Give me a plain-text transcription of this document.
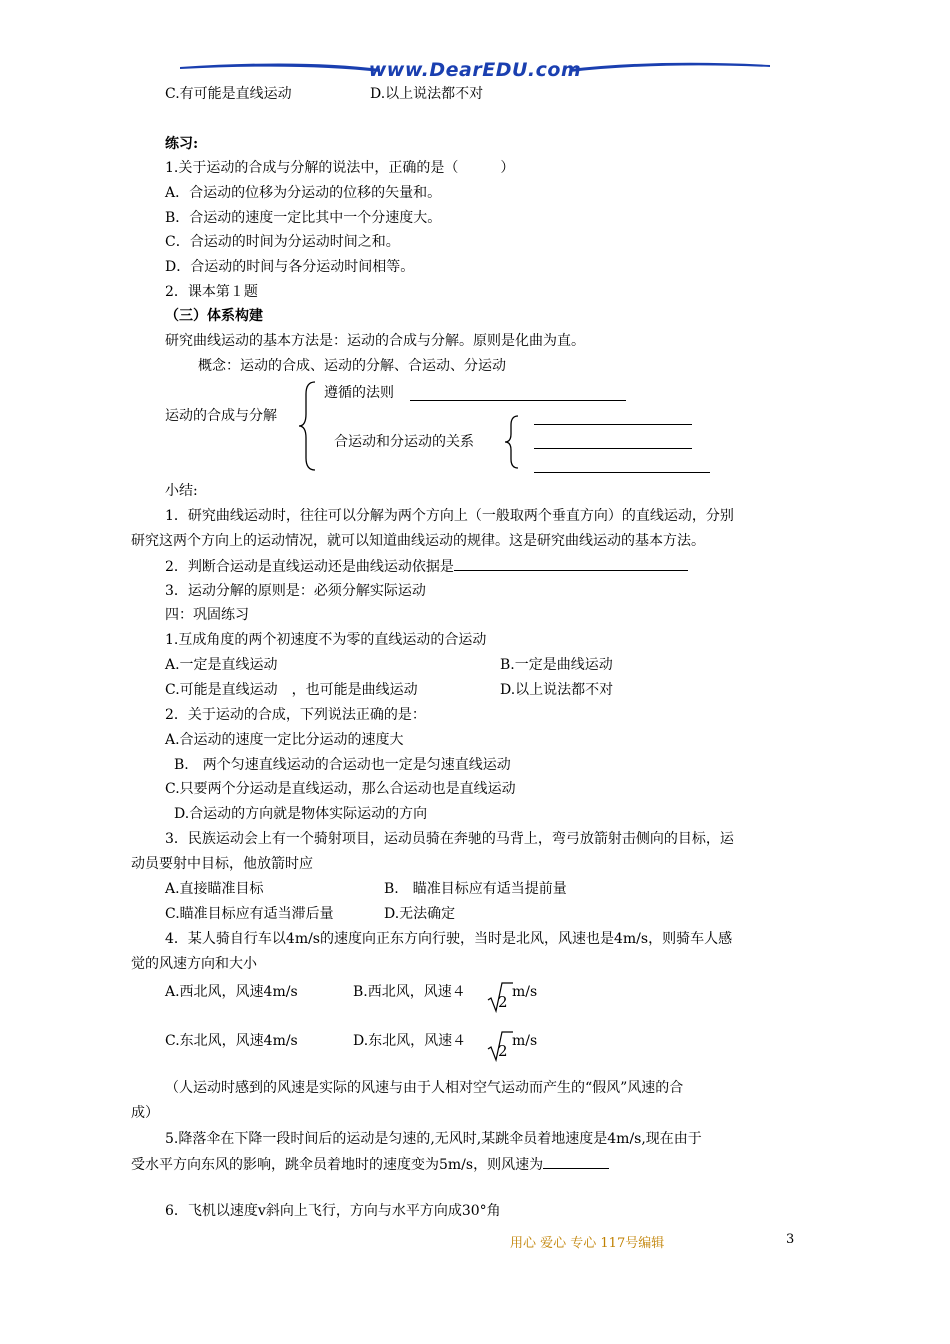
www.DearEDU.com
C.有可能是直线运动	D.以上说法都不对
练习:
1.关于运动的合成与分解的说法中，正确的是（　　　）
A．合运动的位移为分运动的位移的矢量和。
B．合运动的速度一定比其中一个分速度大。
C．合运动的时间为分运动时间之和。
D．合运动的时间与各分运动时间相等。
2．课本第１题
（三）体系构建
研究曲线运动的基本方法是：运动的合成与分解。原则是化曲为直。
概念：运动的合成、运动的分解、合运动、分运动
运动的合成与分解
遵循的法则
合运动和分运动的关系
小结:
1．研究曲线运动时，往往可以分解为两个方向上（一般取两个垂直方向）的直线运动，分别
研究这两个方向上的运动情况，就可以知道曲线运动的规律。这是研究曲线运动的基本方法。
2．判断合运动是直线运动还是曲线运动依据是
3．运动分解的原则是：必须分解实际运动
四：巩固练习
1.互成角度的两个初速度不为零的直线运动的合运动
A.一定是直线运动	B.一定是曲线运动
C.可能是直线运动　，也可能是曲线运动	D.以上说法都不对
2．关于运动的合成，下列说法正确的是：
A.合运动的速度一定比分运动的速度大
B.　两个匀速直线运动的合运动也一定是匀速直线运动
C.只要两个分运动是直线运动，那么合运动也是直线运动
D.合运动的方向就是物体实际运动的方向
3．民族运动会上有一个骑射项目，运动员骑在奔驰的马背上，弯弓放箭射击侧向的目标，运
动员要射中目标，他放箭时应
A.直接瞄准目标	B.　瞄准目标应有适当提前量
C.瞄准目标应有适当滞后量	D.无法确定
4．某人骑自行车以4m/s的速度向正东方向行驶，当时是北风，风速也是4m/s，则骑车人感
觉的风速方向和大小
A.西北风，风速4m/s	B.西北风，风速４
2
m/s
C.东北风，风速4m/s	D.东北风，风速４
2
m/s
（人运动时感到的风速是实际的风速与由于人相对空气运动而产生的“假风”风速的合
成）
5.降落伞在下降一段时间后的运动是匀速的,无风时,某跳伞员着地速度是4m/s,现在由于
受水平方向东风的影响，跳伞员着地时的速度变为5m/s，则风速为
6．飞机以速度v斜向上飞行，方向与水平方向成30°角
用心 爱心 专心 117号编辑	3
